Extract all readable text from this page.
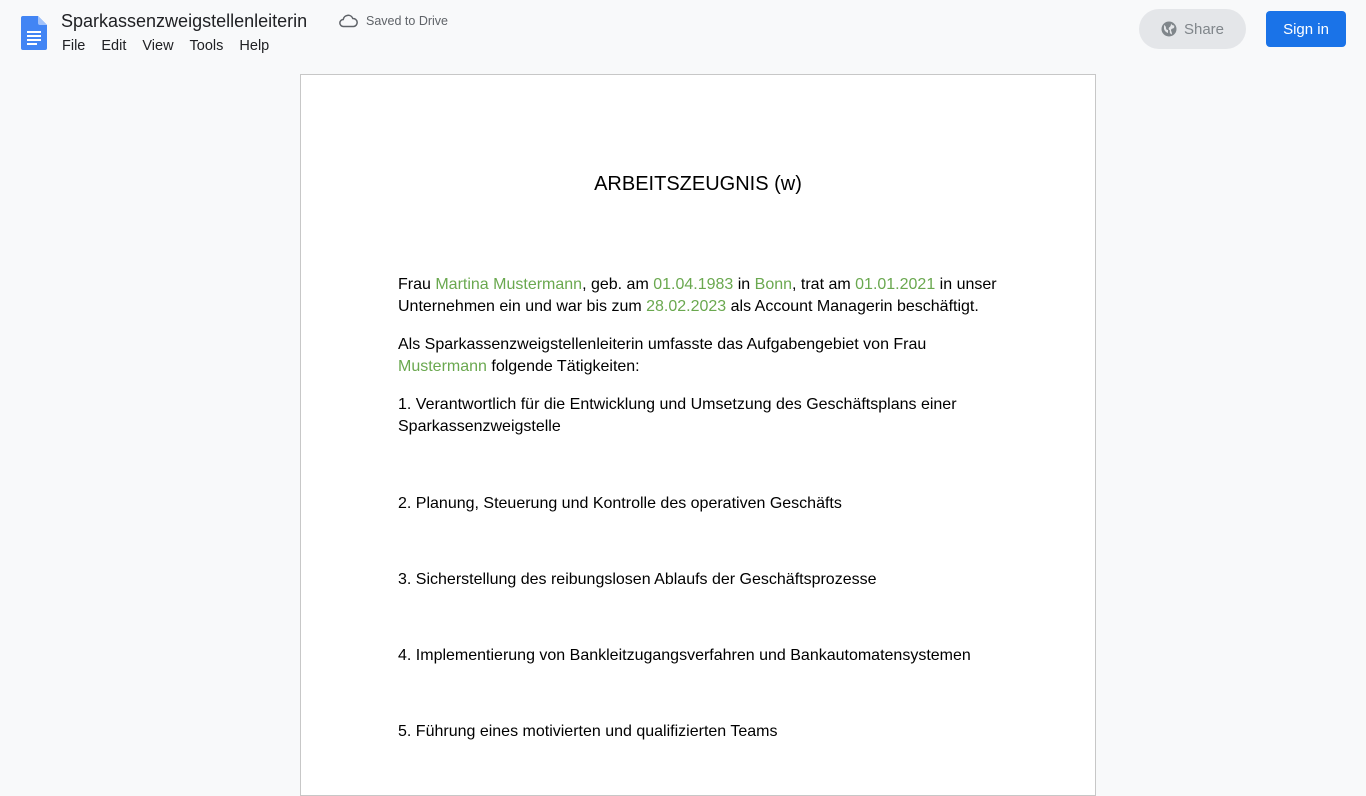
Sparkassenzweigstellenleiterin	Saved to Drive
File	Edit	View	Tools	Help
Share	Sign in
ARBEITSZEUGNIS (w)
Frau Martina Mustermann, geb. am 01.04.1983 in Bonn, trat am 01.01.2021 in unser Unternehmen ein und war bis zum 28.02.2023 als Account Managerin beschäftigt.
Als Sparkassenzweigstellenleiterin umfasste das Aufgabengebiet von Frau Mustermann folgende Tätigkeiten:
1. Verantwortlich für die Entwicklung und Umsetzung des Geschäftsplans einer Sparkassenzweigstelle
2. Planung, Steuerung und Kontrolle des operativen Geschäfts
3. Sicherstellung des reibungslosen Ablaufs der Geschäftsprozesse
4. Implementierung von Bankleitzugangsverfahren und Bankautomatensystemen
5. Führung eines motivierten und qualifizierten Teams
